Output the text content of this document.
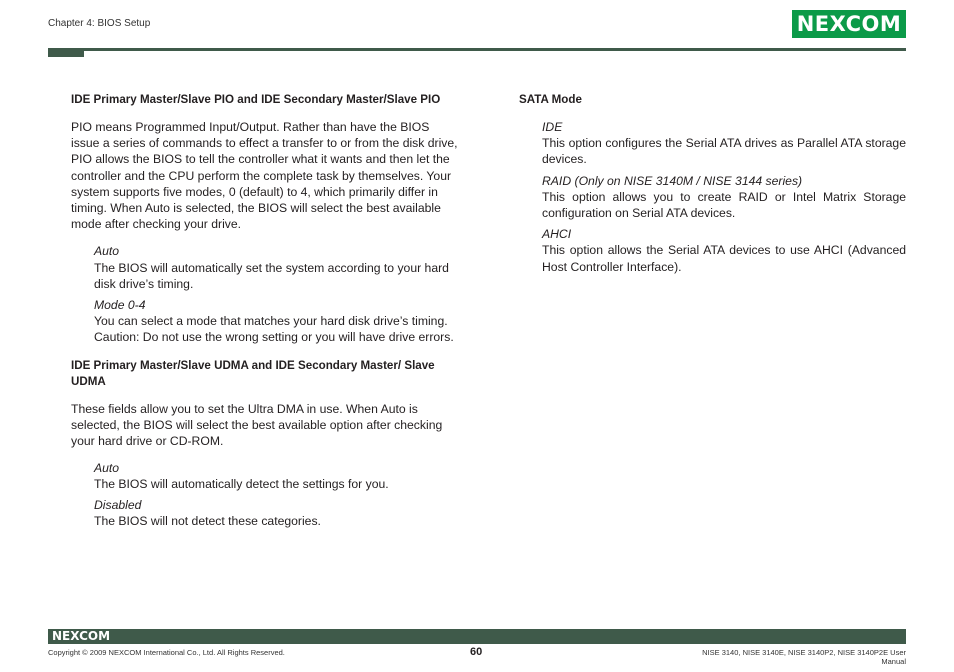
Chapter 4: BIOS Setup	NEXCOM

IDE Primary Master/Slave PIO and IDE Secondary Master/Slave PIO

PIO means Programmed Input/Output. Rather than have the BIOS issue a series of commands to effect a transfer to or from the disk drive, PIO allows the BIOS to tell the controller what it wants and then let the controller and the CPU perform the complete task by themselves. Your system supports five modes, 0 (default) to 4, which primarily differ in timing. When Auto is selected, the BIOS will select the best available mode after checking your drive.

Auto

The BIOS will automatically set the system according to your hard disk drive’s timing.

Mode 0-4

You can select a mode that matches your hard disk drive’s timing. Caution: Do not use the wrong setting or you will have drive errors.

IDE Primary Master/Slave UDMA and IDE Secondary Master/ Slave UDMA

These fields allow you to set the Ultra DMA in use. When Auto is selected, the BIOS will select the best available option after checking your hard drive or CD-ROM.

Auto

The BIOS will automatically detect the settings for you.

Disabled

The BIOS will not detect these categories.

SATA Mode

IDE

This option configures the Serial ATA drives as Parallel ATA storage devices.

RAID (Only on NISE 3140M / NISE 3144 series)

This option allows you to create RAID or Intel Matrix Storage configuration on Serial ATA devices.

AHCI

This option allows the Serial ATA devices to use AHCI (Advanced Host Controller Interface).

NEXCOM
Copyright © 2009 NEXCOM International Co., Ltd. All Rights Reserved.	60	NISE 3140, NISE 3140E, NISE 3140P2, NISE 3140P2E User Manual
